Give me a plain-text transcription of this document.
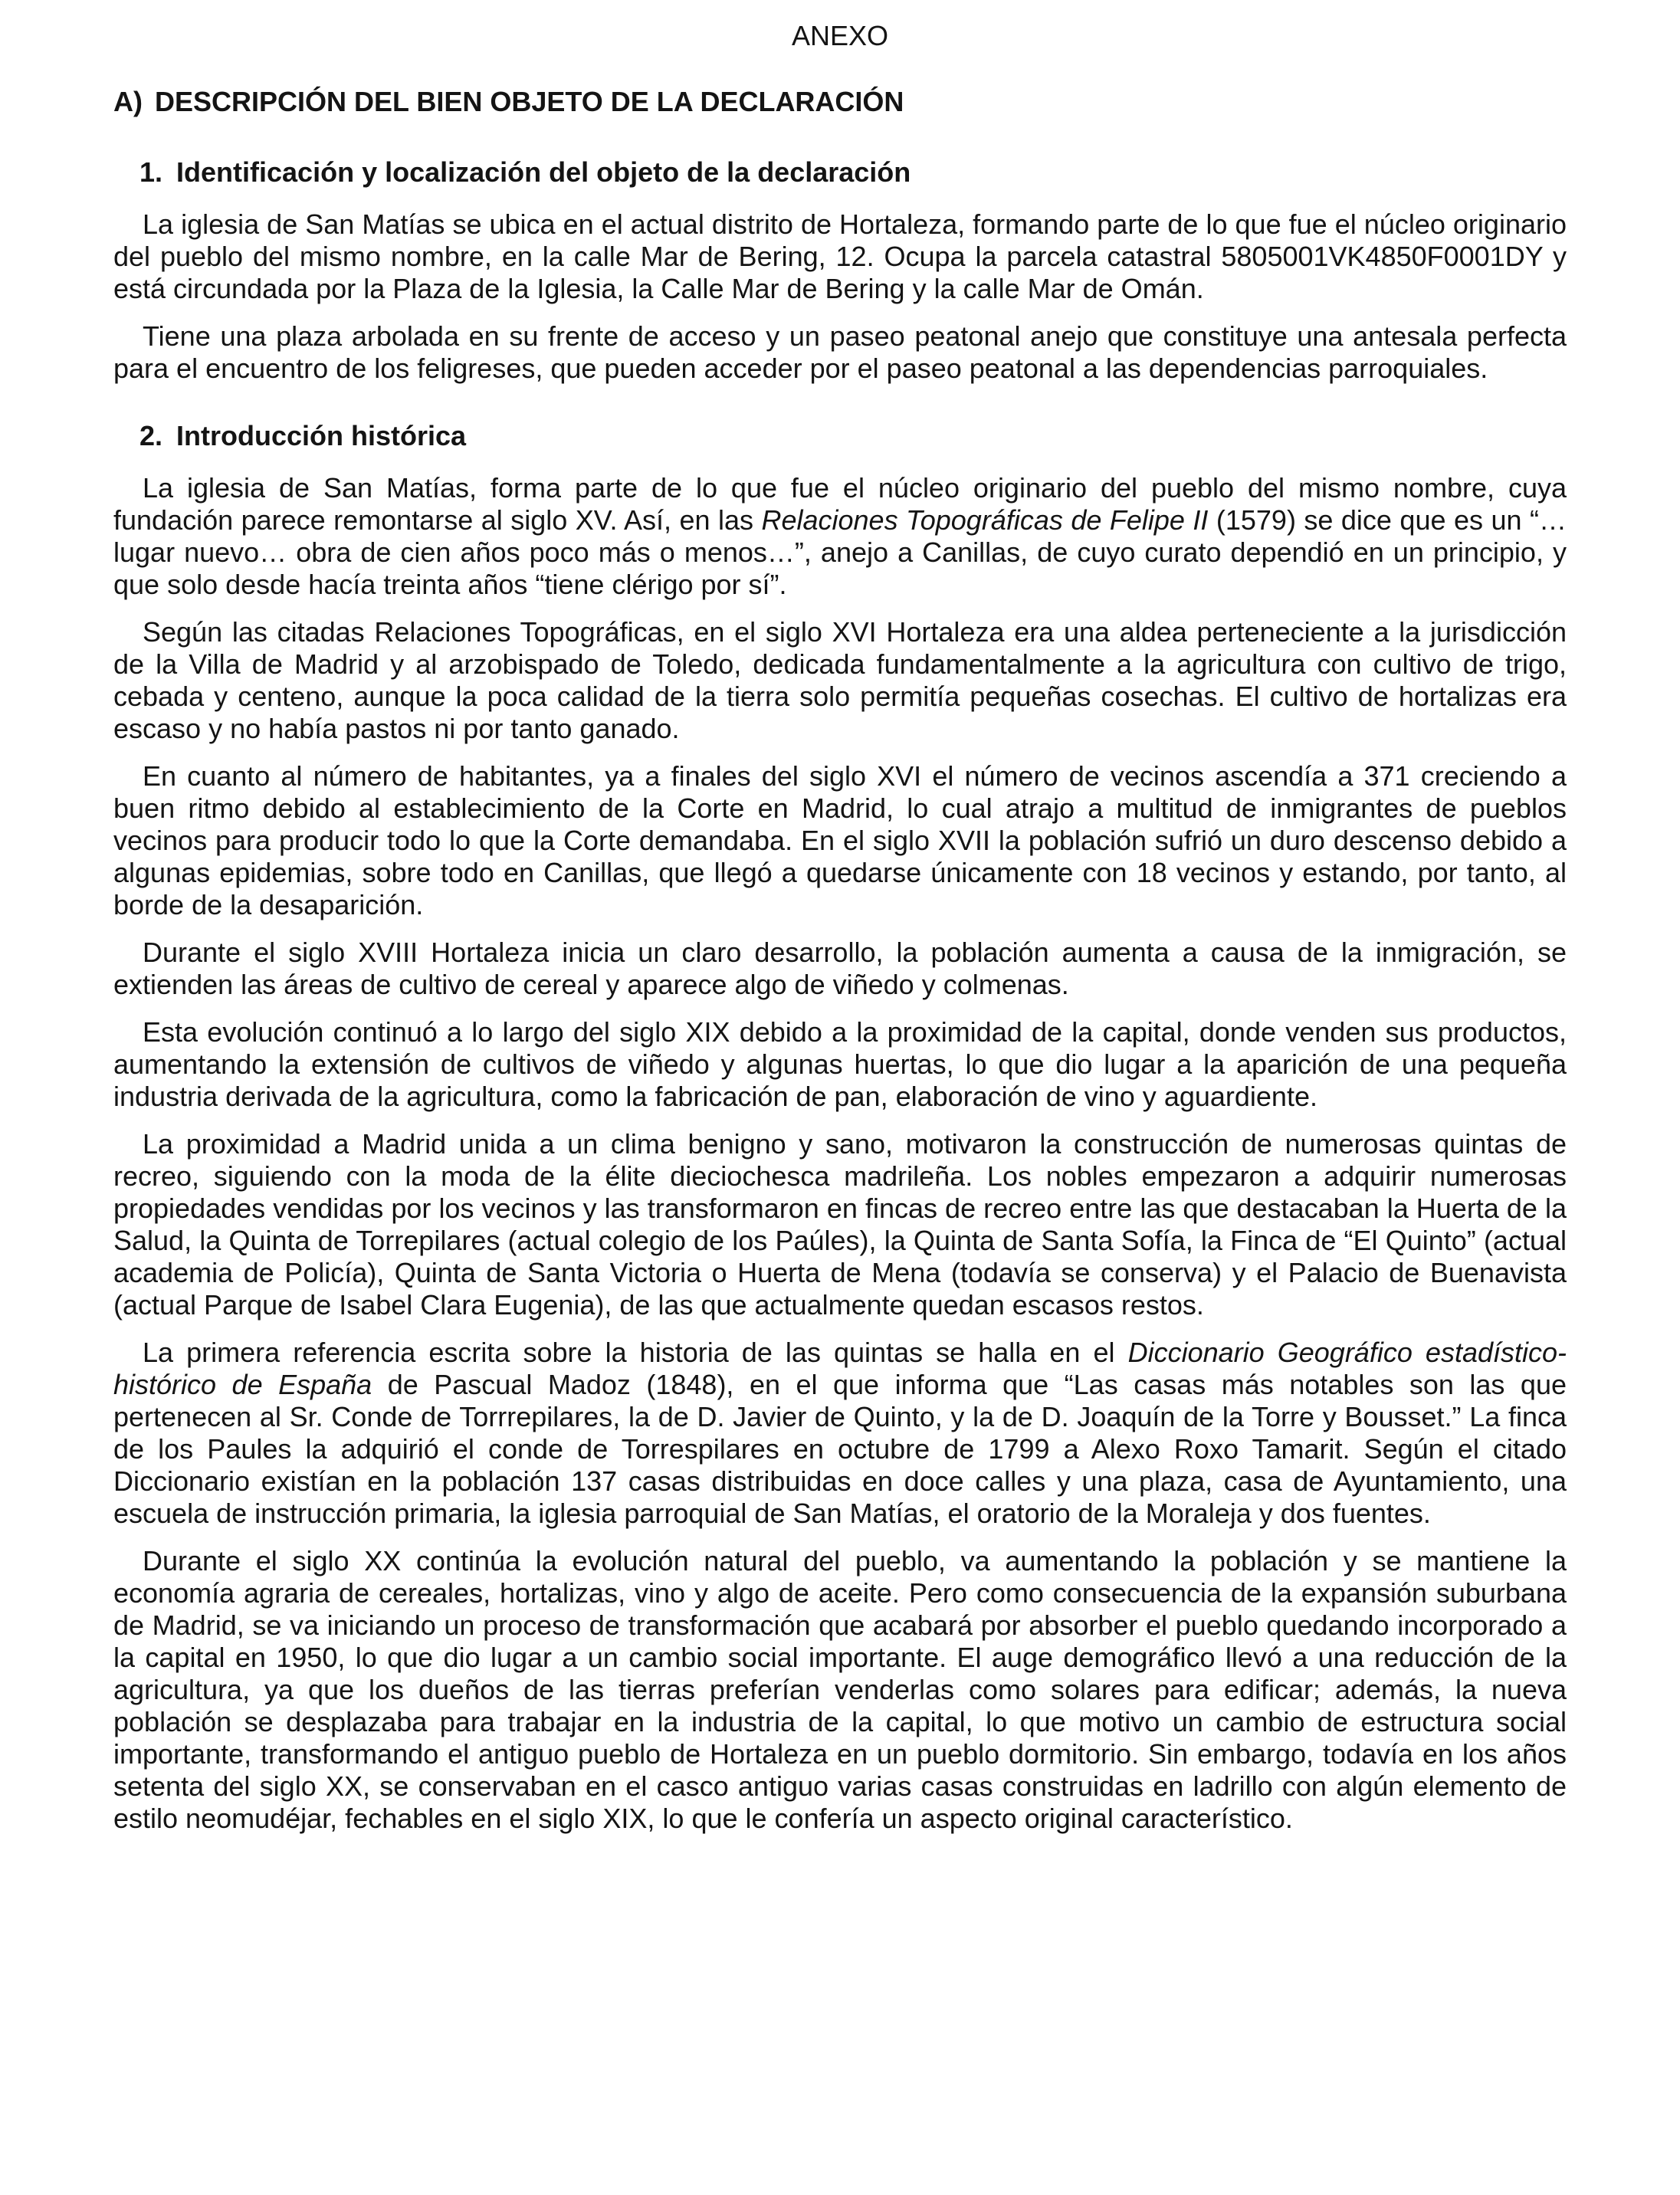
ANEXO
A) DESCRIPCIÓN DEL BIEN OBJETO DE LA DECLARACIÓN
1. Identificación y localización del objeto de la declaración

La iglesia de San Matías se ubica en el actual distrito de Hortaleza, formando parte de lo que fue el núcleo originario del pueblo del mismo nombre, en la calle Mar de Bering, 12. Ocupa la parcela catastral 5805001VK4850F0001DY y está circundada por la Plaza de la Iglesia, la Calle Mar de Bering y la calle Mar de Omán.

Tiene una plaza arbolada en su frente de acceso y un paseo peatonal anejo que constituye una antesala perfecta para el encuentro de los feligreses, que pueden acceder por el paseo peatonal a las dependencias parroquiales.

2. Introducción histórica

La iglesia de San Matías, forma parte de lo que fue el núcleo originario del pueblo del mismo nombre, cuya fundación parece remontarse al siglo XV. Así, en las Relaciones Topográficas de Felipe II (1579) se dice que es un “… lugar nuevo… obra de cien años poco más o menos…”, anejo a Canillas, de cuyo curato dependió en un principio, y que solo desde hacía treinta años “tiene clérigo por sí”.

Según las citadas Relaciones Topográficas, en el siglo XVI Hortaleza era una aldea perteneciente a la jurisdicción de la Villa de Madrid y al arzobispado de Toledo, dedicada fundamentalmente a la agricultura con cultivo de trigo, cebada y centeno, aunque la poca calidad de la tierra solo permitía pequeñas cosechas. El cultivo de hortalizas era escaso y no había pastos ni por tanto ganado.

En cuanto al número de habitantes, ya a finales del siglo XVI el número de vecinos ascendía a 371 creciendo a buen ritmo debido al establecimiento de la Corte en Madrid, lo cual atrajo a multitud de inmigrantes de pueblos vecinos para producir todo lo que la Corte demandaba. En el siglo XVII la población sufrió un duro descenso debido a algunas epidemias, sobre todo en Canillas, que llegó a quedarse únicamente con 18 vecinos y estando, por tanto, al borde de la desaparición.

Durante el siglo XVIII Hortaleza inicia un claro desarrollo, la población aumenta a causa de la inmigración, se extienden las áreas de cultivo de cereal y aparece algo de viñedo y colmenas.

Esta evolución continuó a lo largo del siglo XIX debido a la proximidad de la capital, donde venden sus productos, aumentando la extensión de cultivos de viñedo y algunas huertas, lo que dio lugar a la aparición de una pequeña industria derivada de la agricultura, como la fabricación de pan, elaboración de vino y aguardiente.

La proximidad a Madrid unida a un clima benigno y sano, motivaron la construcción de numerosas quintas de recreo, siguiendo con la moda de la élite dieciochesca madrileña. Los nobles empezaron a adquirir numerosas propiedades vendidas por los vecinos y las transformaron en fincas de recreo entre las que destacaban la Huerta de la Salud, la Quinta de Torrepilares (actual colegio de los Paúles), la Quinta de Santa Sofía, la Finca de “El Quinto” (actual academia de Policía), Quinta de Santa Victoria o Huerta de Mena (todavía se conserva) y el Palacio de Buenavista (actual Parque de Isabel Clara Eugenia), de las que actualmente quedan escasos restos.

La primera referencia escrita sobre la historia de las quintas se halla en el Diccionario Geográfico estadístico-histórico de España de Pascual Madoz (1848), en el que informa que “Las casas más notables son las que pertenecen al Sr. Conde de Torrrepilares, la de D. Javier de Quinto, y la de D. Joaquín de la Torre y Bousset.” La finca de los Paules la adquirió el conde de Torrespilares en octubre de 1799 a Alexo Roxo Tamarit. Según el citado Diccionario existían en la población 137 casas distribuidas en doce calles y una plaza, casa de Ayuntamiento, una escuela de instrucción primaria, la iglesia parroquial de San Matías, el oratorio de la Moraleja y dos fuentes.

Durante el siglo XX continúa la evolución natural del pueblo, va aumentando la población y se mantiene la economía agraria de cereales, hortalizas, vino y algo de aceite. Pero como consecuencia de la expansión suburbana de Madrid, se va iniciando un proceso de transformación que acabará por absorber el pueblo quedando incorporado a la capital en 1950, lo que dio lugar a un cambio social importante. El auge demográfico llevó a una reducción de la agricultura, ya que los dueños de las tierras preferían venderlas como solares para edificar; además, la nueva población se desplazaba para trabajar en la industria de la capital, lo que motivo un cambio de estructura social importante, transformando el antiguo pueblo de Hortaleza en un pueblo dormitorio. Sin embargo, todavía en los años setenta del siglo XX, se conservaban en el casco antiguo varias casas construidas en ladrillo con algún elemento de estilo neomudéjar, fechables en el siglo XIX, lo que le confería un aspecto original característico.
